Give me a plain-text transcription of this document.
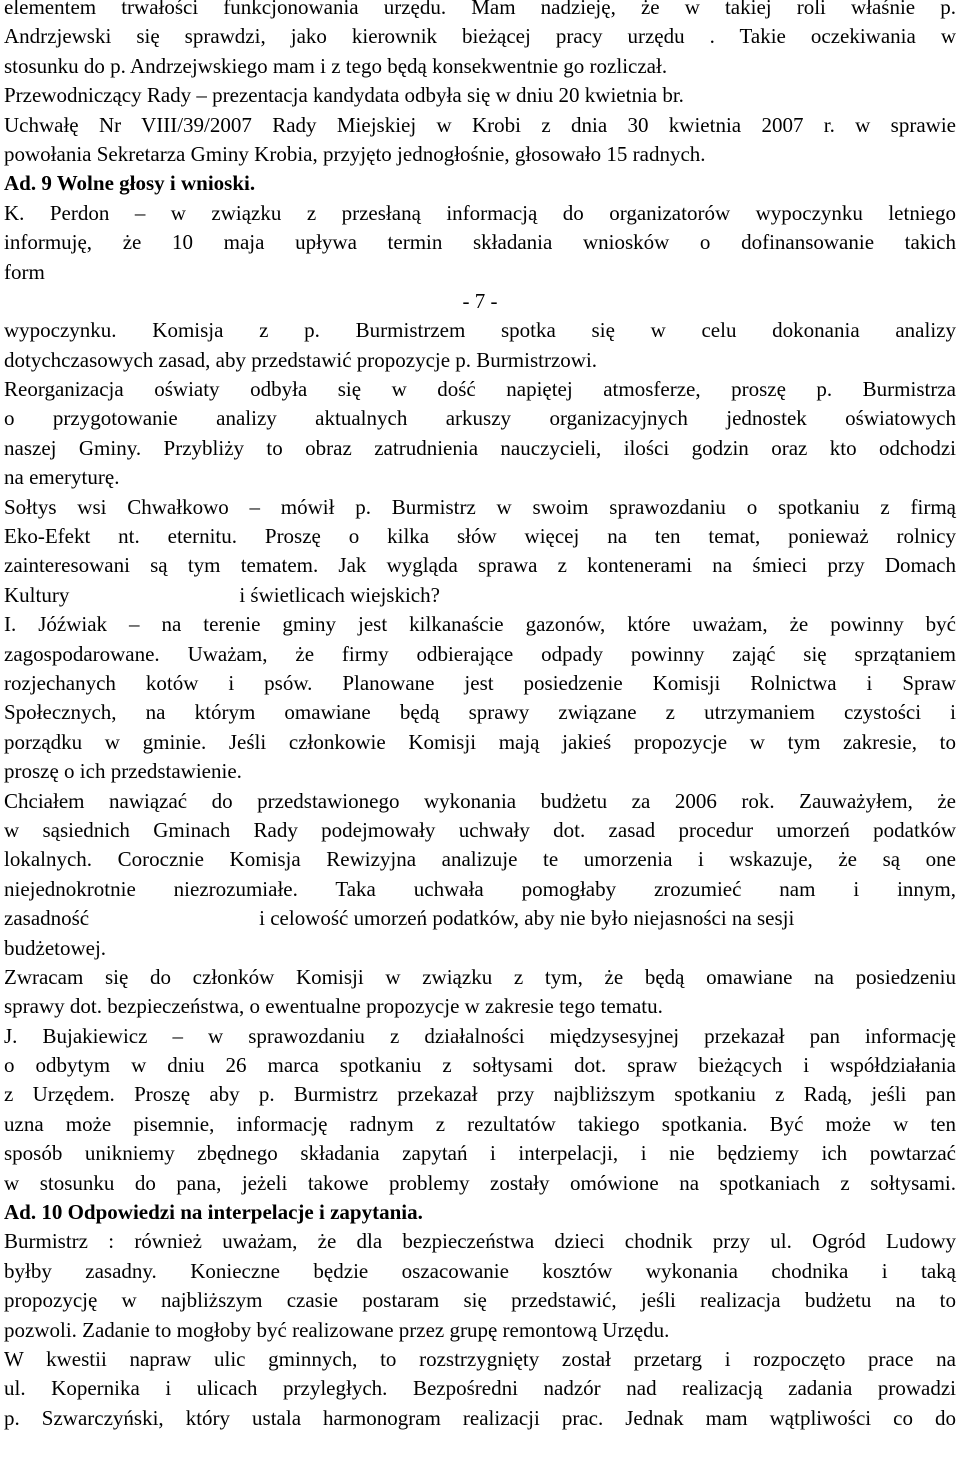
elementem trwałości funkcjonowania urzędu. Mam nadzieję, że w takiej roli właśnie p.
Andrzjewski się sprawdzi, jako kierownik bieżącej pracy urzędu . Takie oczekiwania w
stosunku do p. Andrzejwskiego mam i z tego będą konsekwentnie go rozliczał.
Przewodniczący Rady – prezentacja kandydata odbyła się w dniu 20 kwietnia br.
Uchwałę Nr VIII/39/2007 Rady Miejskiej w Krobi z dnia 30 kwietnia 2007 r. w sprawie
powołania Sekretarza Gminy Krobia, przyjęto jednogłośnie, głosowało 15 radnych.
Ad. 9 Wolne głosy i wnioski.
K. Perdon – w związku z przesłaną informacją do organizatorów wypoczynku letniego
informuję, że 10 maja upływa termin składania wniosków o dofinansowanie takich
form
- 7 -
wypoczynku. Komisja z p. Burmistrzem spotka się w celu dokonania analizy
dotychczasowych zasad, aby przedstawić propozycje p. Burmistrzowi.
Reorganizacja oświaty odbyła się w dość napiętej atmosferze, proszę p. Burmistrza
o przygotowanie analizy aktualnych arkuszy organizacyjnych jednostek oświatowych
naszej Gminy. Przybliży to obraz zatrudnienia nauczycieli, ilości godzin oraz kto odchodzi
na emeryturę.
Sołtys wsi Chwałkowo – mówił p. Burmistrz w swoim sprawozdaniu o spotkaniu z firmą
Eko-Efekt nt. eternitu. Proszę o kilka słów więcej na ten temat, ponieważ rolnicy
zainteresowani są tym tematem. Jak wygląda sprawa z kontenerami na śmieci przy Domach
Kultury	i świetlicach wiejskich?
I. Jóźwiak – na terenie gminy jest kilkanaście gazonów, które uważam, że powinny być
zagospodarowane. Uważam, że firmy odbierające odpady powinny zająć się sprzątaniem
rozjechanych kotów i psów. Planowane jest posiedzenie Komisji Rolnictwa i Spraw
Społecznych, na którym omawiane będą sprawy związane z utrzymaniem czystości i
porządku w gminie. Jeśli członkowie Komisji mają jakieś propozycje w tym zakresie, to
proszę o ich przedstawienie.
Chciałem nawiązać do przedstawionego wykonania budżetu za 2006 rok. Zauważyłem, że
w sąsiednich Gminach Rady podejmowały uchwały dot. zasad procedur umorzeń podatków
lokalnych. Corocznie Komisja Rewizyjna analizuje te umorzenia i wskazuje, że są one
niejednokrotnie niezrozumiałe. Taka uchwała pomogłaby zrozumieć nam i innym,
zasadność	i celowość umorzeń podatków, aby nie było niejasności na sesji
budżetowej.
Zwracam się do członków Komisji w związku z tym, że będą omawiane na posiedzeniu
sprawy dot. bezpieczeństwa, o ewentualne propozycje w zakresie tego tematu.
J. Bujakiewicz – w sprawozdaniu z działalności międzysesyjnej przekazał pan informację
o odbytym w dniu 26 marca spotkaniu z sołtysami dot. spraw bieżących i współdziałania
z Urzędem. Proszę aby p. Burmistrz przekazał przy najbliższym spotkaniu z Radą, jeśli pan
uzna może pisemnie, informację radnym z rezultatów takiego spotkania. Być może w ten
sposób unikniemy zbędnego składania zapytań i interpelacji, i nie będziemy ich powtarzać
w stosunku do pana, jeżeli takowe problemy zostały omówione na spotkaniach z sołtysami.
Ad. 10 Odpowiedzi na interpelacje i zapytania.
Burmistrz : również uważam, że dla bezpieczeństwa dzieci chodnik przy ul. Ogród Ludowy
byłby zasadny. Konieczne będzie oszacowanie kosztów wykonania chodnika i taką
propozycję w najbliższym czasie postaram się przedstawić, jeśli realizacja budżetu na to
pozwoli. Zadanie to mogłoby być realizowane przez grupę remontową Urzędu.
W kwestii napraw ulic gminnych, to rozstrzygnięty został przetarg i rozpoczęto prace na
ul. Kopernika i ulicach przyległych. Bezpośredni nadzór nad realizacją zadania prowadzi
p. Szwarczyński, który ustala harmonogram realizacji prac. Jednak mam wątpliwości co do
